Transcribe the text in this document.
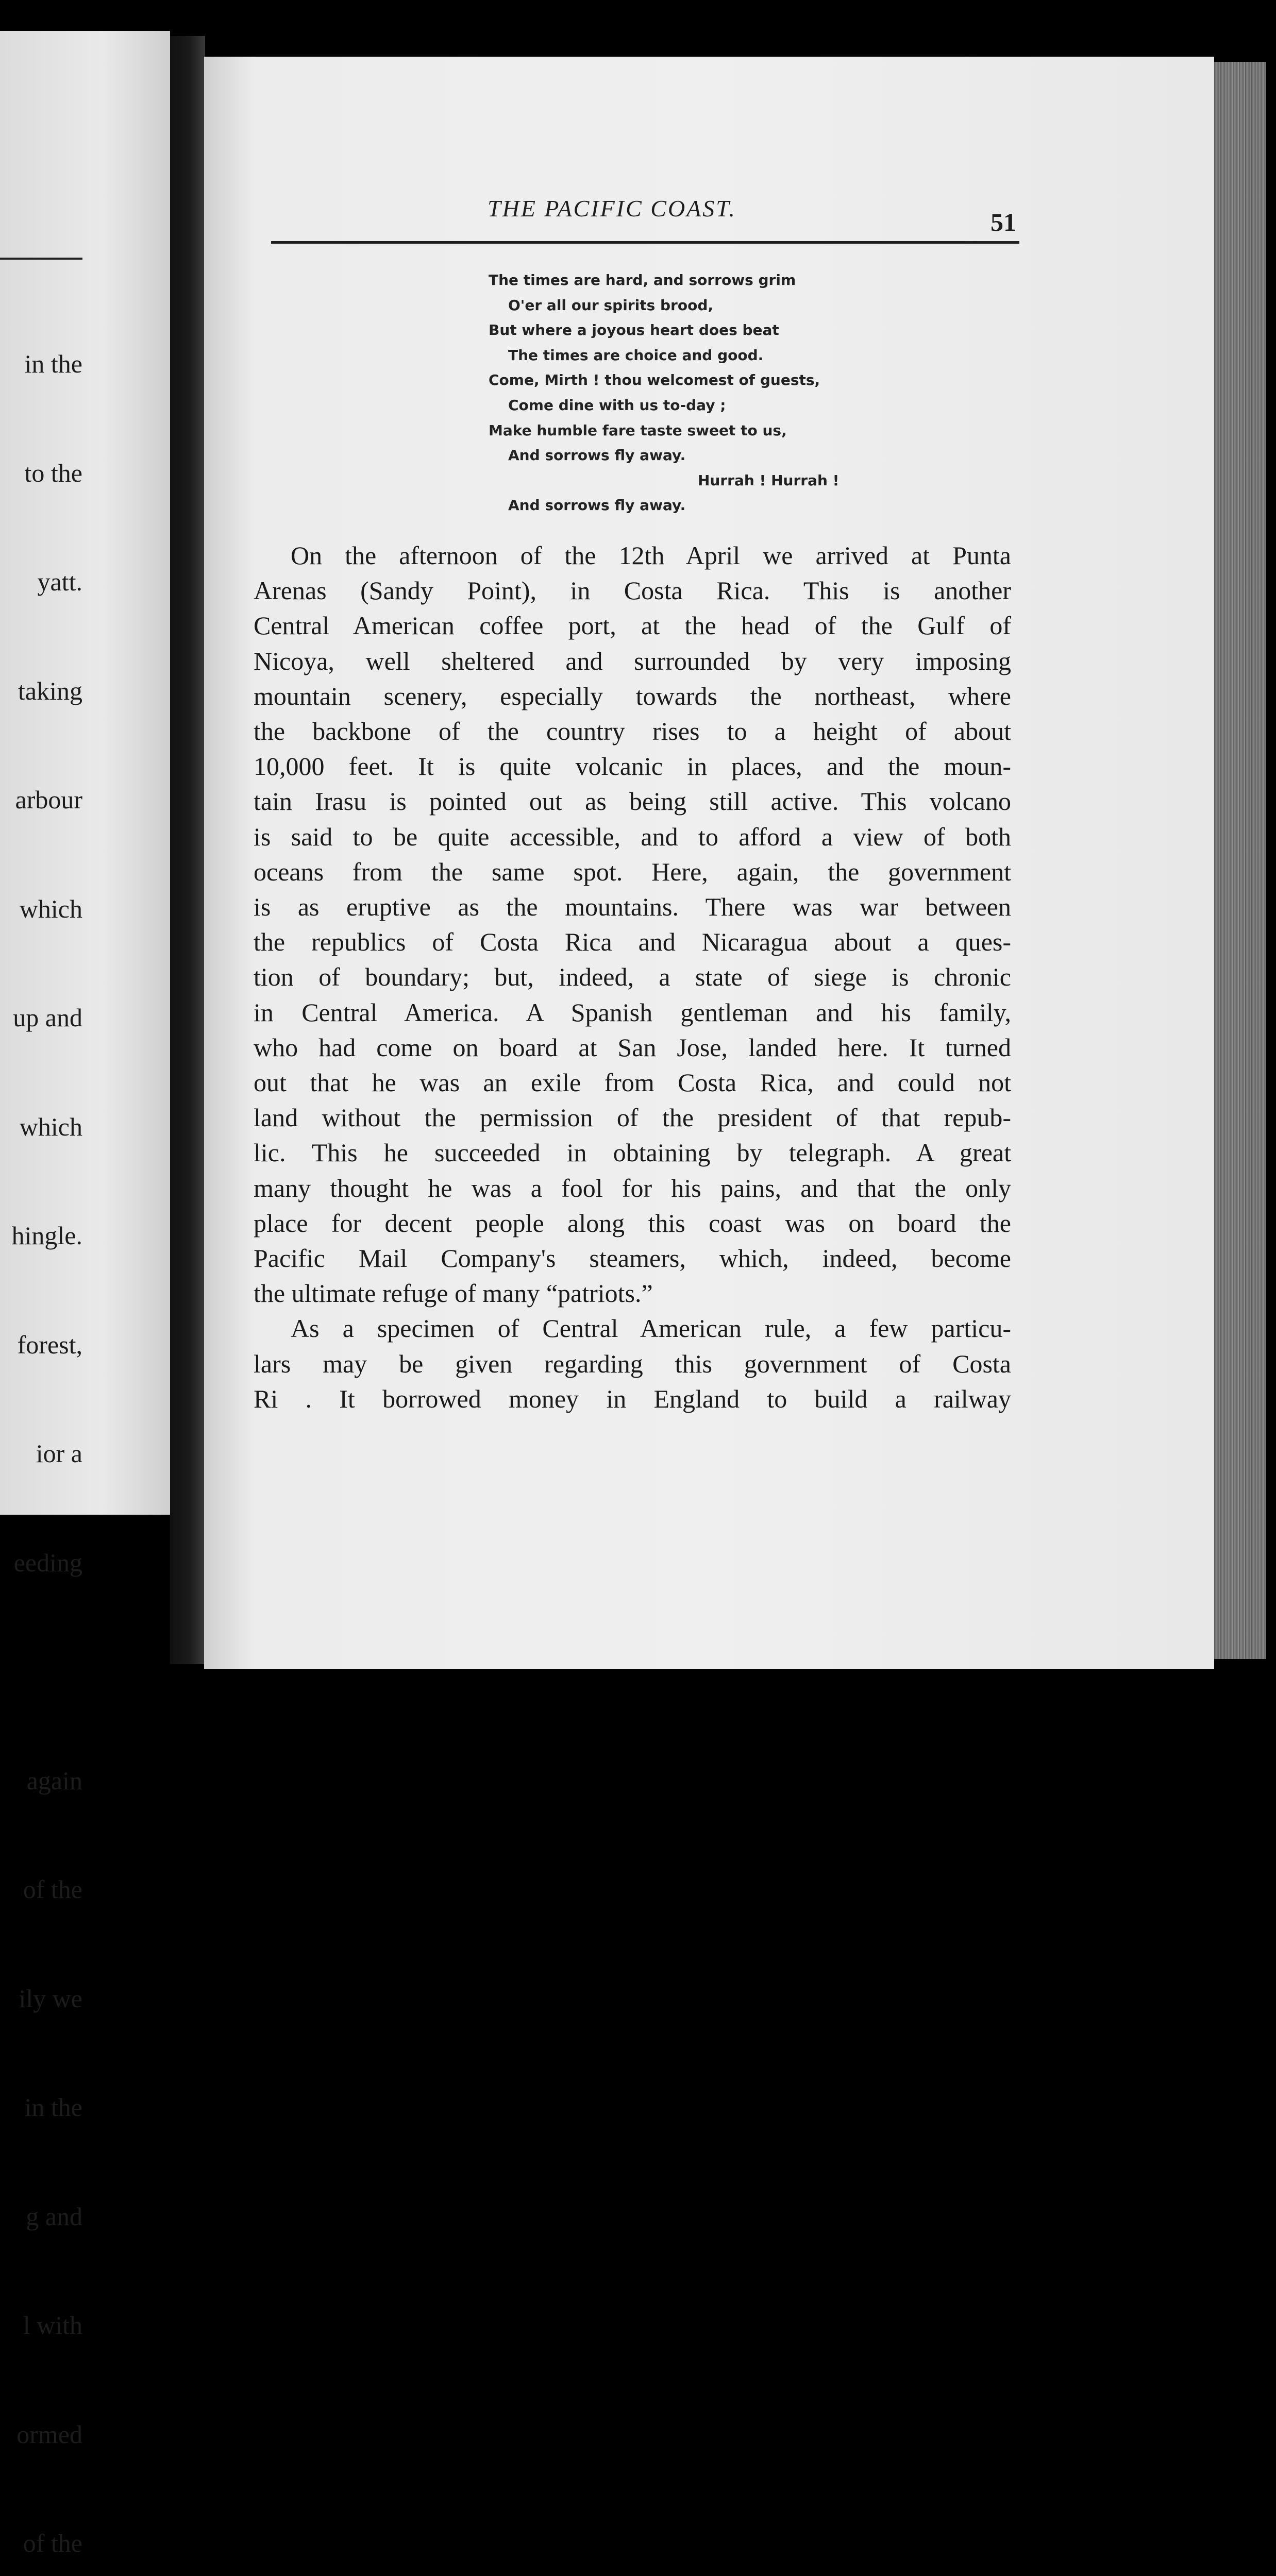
in the

to the

yatt.

taking

arbour

which

up and

which

hingle.

forest,

ior a

eeding

again

of the

ily we

in the

g and

l with

ormed

of the

THE PACIFIC COAST.	51
The times are hard, and sorrows grim
O'er all our spirits brood,
But where a joyous heart does beat
The times are choice and good.
Come, Mirth ! thou welcomest of guests,
Come dine with us to-day ;
Make humble fare taste sweet to us,
And sorrows fly away.
Hurrah ! Hurrah !
And sorrows fly away.
On the afternoon of the 12th April we arrived at Punta
Arenas (Sandy Point), in Costa Rica. This is another
Central American coffee port, at the head of the Gulf of
Nicoya, well sheltered and surrounded by very imposing
mountain scenery, especially towards the northeast, where
the backbone of the country rises to a height of about
10,000 feet. It is quite volcanic in places, and the moun-
tain Irasu is pointed out as being still active. This volcano
is said to be quite accessible, and to afford a view of both
oceans from the same spot. Here, again, the government
is as eruptive as the mountains. There was war between
the republics of Costa Rica and Nicaragua about a ques-
tion of boundary; but, indeed, a state of siege is chronic
in Central America. A Spanish gentleman and his family,
who had come on board at San Jose, landed here. It turned
out that he was an exile from Costa Rica, and could not
land without the permission of the president of that repub-
lic. This he succeeded in obtaining by telegraph. A great
many thought he was a fool for his pains, and that the only
place for decent people along this coast was on board the
Pacific Mail Company's steamers, which, indeed, become
the ultimate refuge of many “patriots.”
As a specimen of Central American rule, a few particu-
lars may be given regarding this government of Costa
Ri . It borrowed money in England to build a railway
